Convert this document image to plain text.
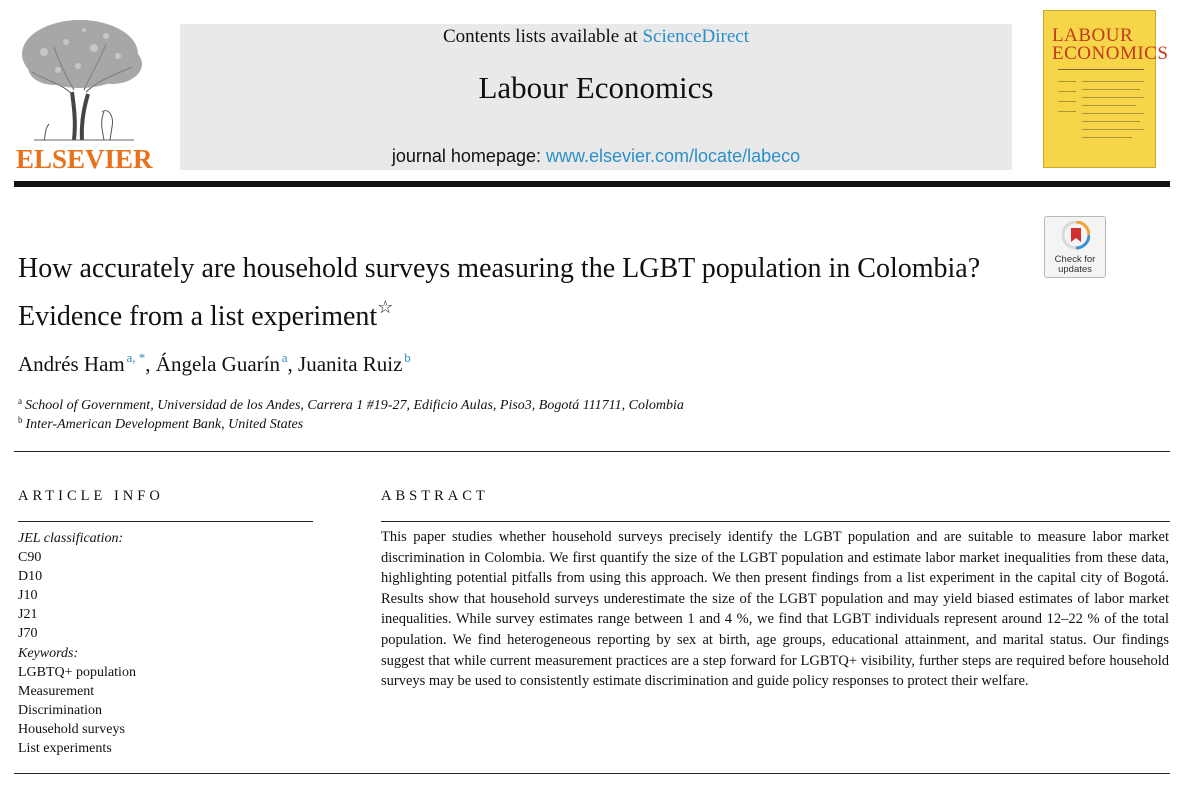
ELSEVIER
Contents lists available at ScienceDirect
Labour Economics
journal homepage: www.elsevier.com/locate/labeco
LABOUR
ECONOMICS
Check for
updates
How accurately are household surveys measuring the LGBT population in Colombia? Evidence from a list experiment☆
Andrés Ham  $^{a, *}$, Ángela Guarín  $^a$, Juanita Ruiz  $^b$
$^a$ School of Government, Universidad de los Andes, Carrera 1 #19-27, Edificio Aulas, Piso3, Bogotá 111711, Colombia
$^b$ Inter-American Development Bank, United States
ARTICLE INFO
JEL classification:
C90
D10
J10
J21
J70
Keywords:
LGBTQ+ population
Measurement
Discrimination
Household surveys
List experiments
ABSTRACT
This paper studies whether household surveys precisely identify the LGBT population and are suitable to measure labor market discrimination in Colombia. We first quantify the size of the LGBT population and estimate labor market inequalities from these data, highlighting potential pitfalls from using this approach. We then present findings from a list experiment in the capital city of Bogotá. Results show that household surveys underestimate the size of the LGBT population and may yield biased estimates of labor market inequalities. While survey estimates range between 1 and 4 %, we find that LGBT individuals represent around 12–22 % of the total population. We find heterogeneous reporting by sex at birth, age groups, educational attainment, and marital status. Our findings suggest that while current measurement practices are a step forward for LGBTQ+ visibility, further steps are required before household surveys may be used to consistently estimate discrimination and guide policy responses to protect their welfare.
